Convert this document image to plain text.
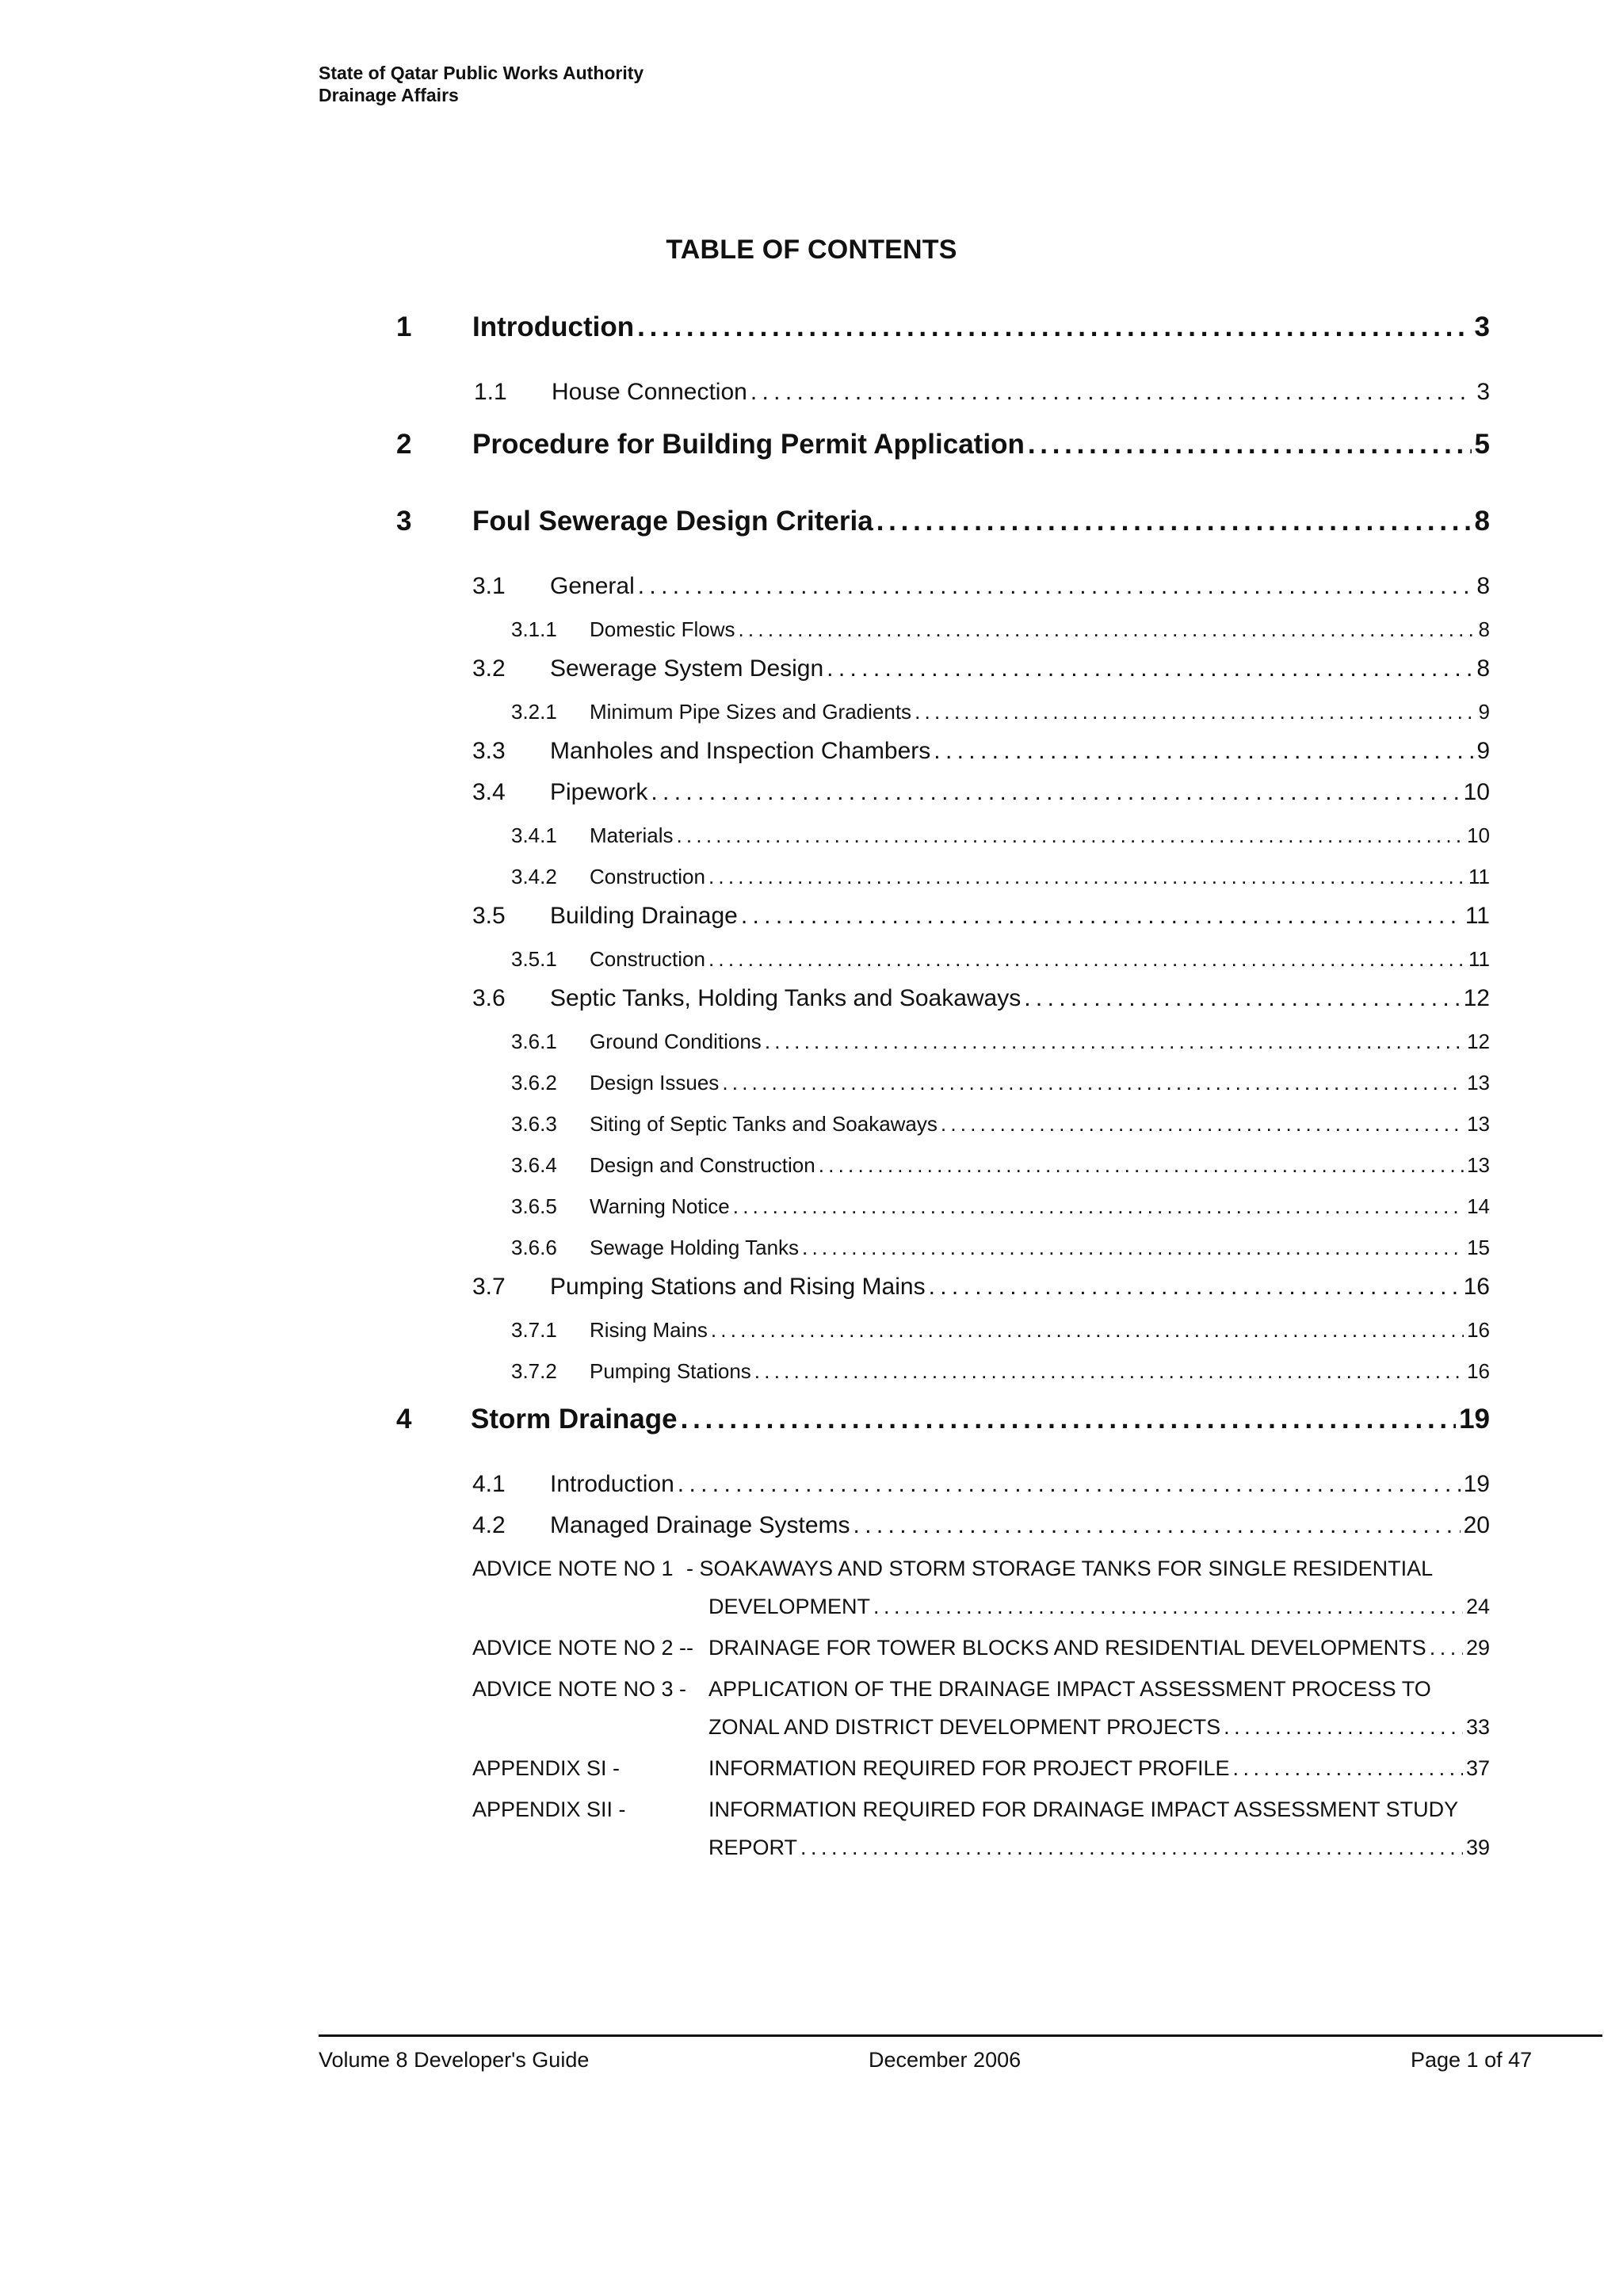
State of Qatar Public Works Authority
Drainage Affairs
TABLE OF CONTENTS
1 Introduction . . .	3
1.1 House Connection . . .	3
2 Procedure for Building Permit Application . . .	5
3 Foul Sewerage Design Criteria . . .	8
3.1 General . . .	8
3.1.1 Domestic Flows . . .	8
3.2 Sewerage System Design . . .	8
3.2.1 Minimum Pipe Sizes and Gradients . . .	9
3.3 Manholes and Inspection Chambers . . .	9
3.4 Pipework . . .	10
3.4.1 Materials . . .	10
3.4.2 Construction . . .	11
3.5 Building Drainage . . .	11
3.5.1 Construction . . .	11
3.6 Septic Tanks, Holding Tanks and Soakaways . . .	12
3.6.1 Ground Conditions . . .	12
3.6.2 Design Issues . . .	13
3.6.3 Siting of Septic Tanks and Soakaways . . .	13
3.6.4 Design and Construction . . .	13
3.6.5 Warning Notice . . .	14
3.6.6 Sewage Holding Tanks . . .	15
3.7 Pumping Stations and Rising Mains . . .	16
3.7.1 Rising Mains . . .	16
3.7.2 Pumping Stations . . .	16
4 Storm Drainage . . .	19
4.1 Introduction . . .	19
4.2 Managed Drainage Systems . . .	20
ADVICE NOTE NO 1 - SOAKAWAYS AND STORM STORAGE TANKS FOR SINGLE RESIDENTIAL
DEVELOPMENT . . .	24
ADVICE NOTE NO 2 -- DRAINAGE FOR TOWER BLOCKS AND RESIDENTIAL DEVELOPMENTS . . . 29
ADVICE NOTE NO 3 - APPLICATION OF THE DRAINAGE IMPACT ASSESSMENT PROCESS TO
ZONAL AND DISTRICT DEVELOPMENT PROJECTS . . .	33
APPENDIX SI -	INFORMATION REQUIRED FOR PROJECT PROFILE . . .	37
APPENDIX SII -	INFORMATION REQUIRED FOR DRAINAGE IMPACT ASSESSMENT STUDY
REPORT . . .	39
Volume 8 Developer's Guide	December 2006	Page 1 of 47
